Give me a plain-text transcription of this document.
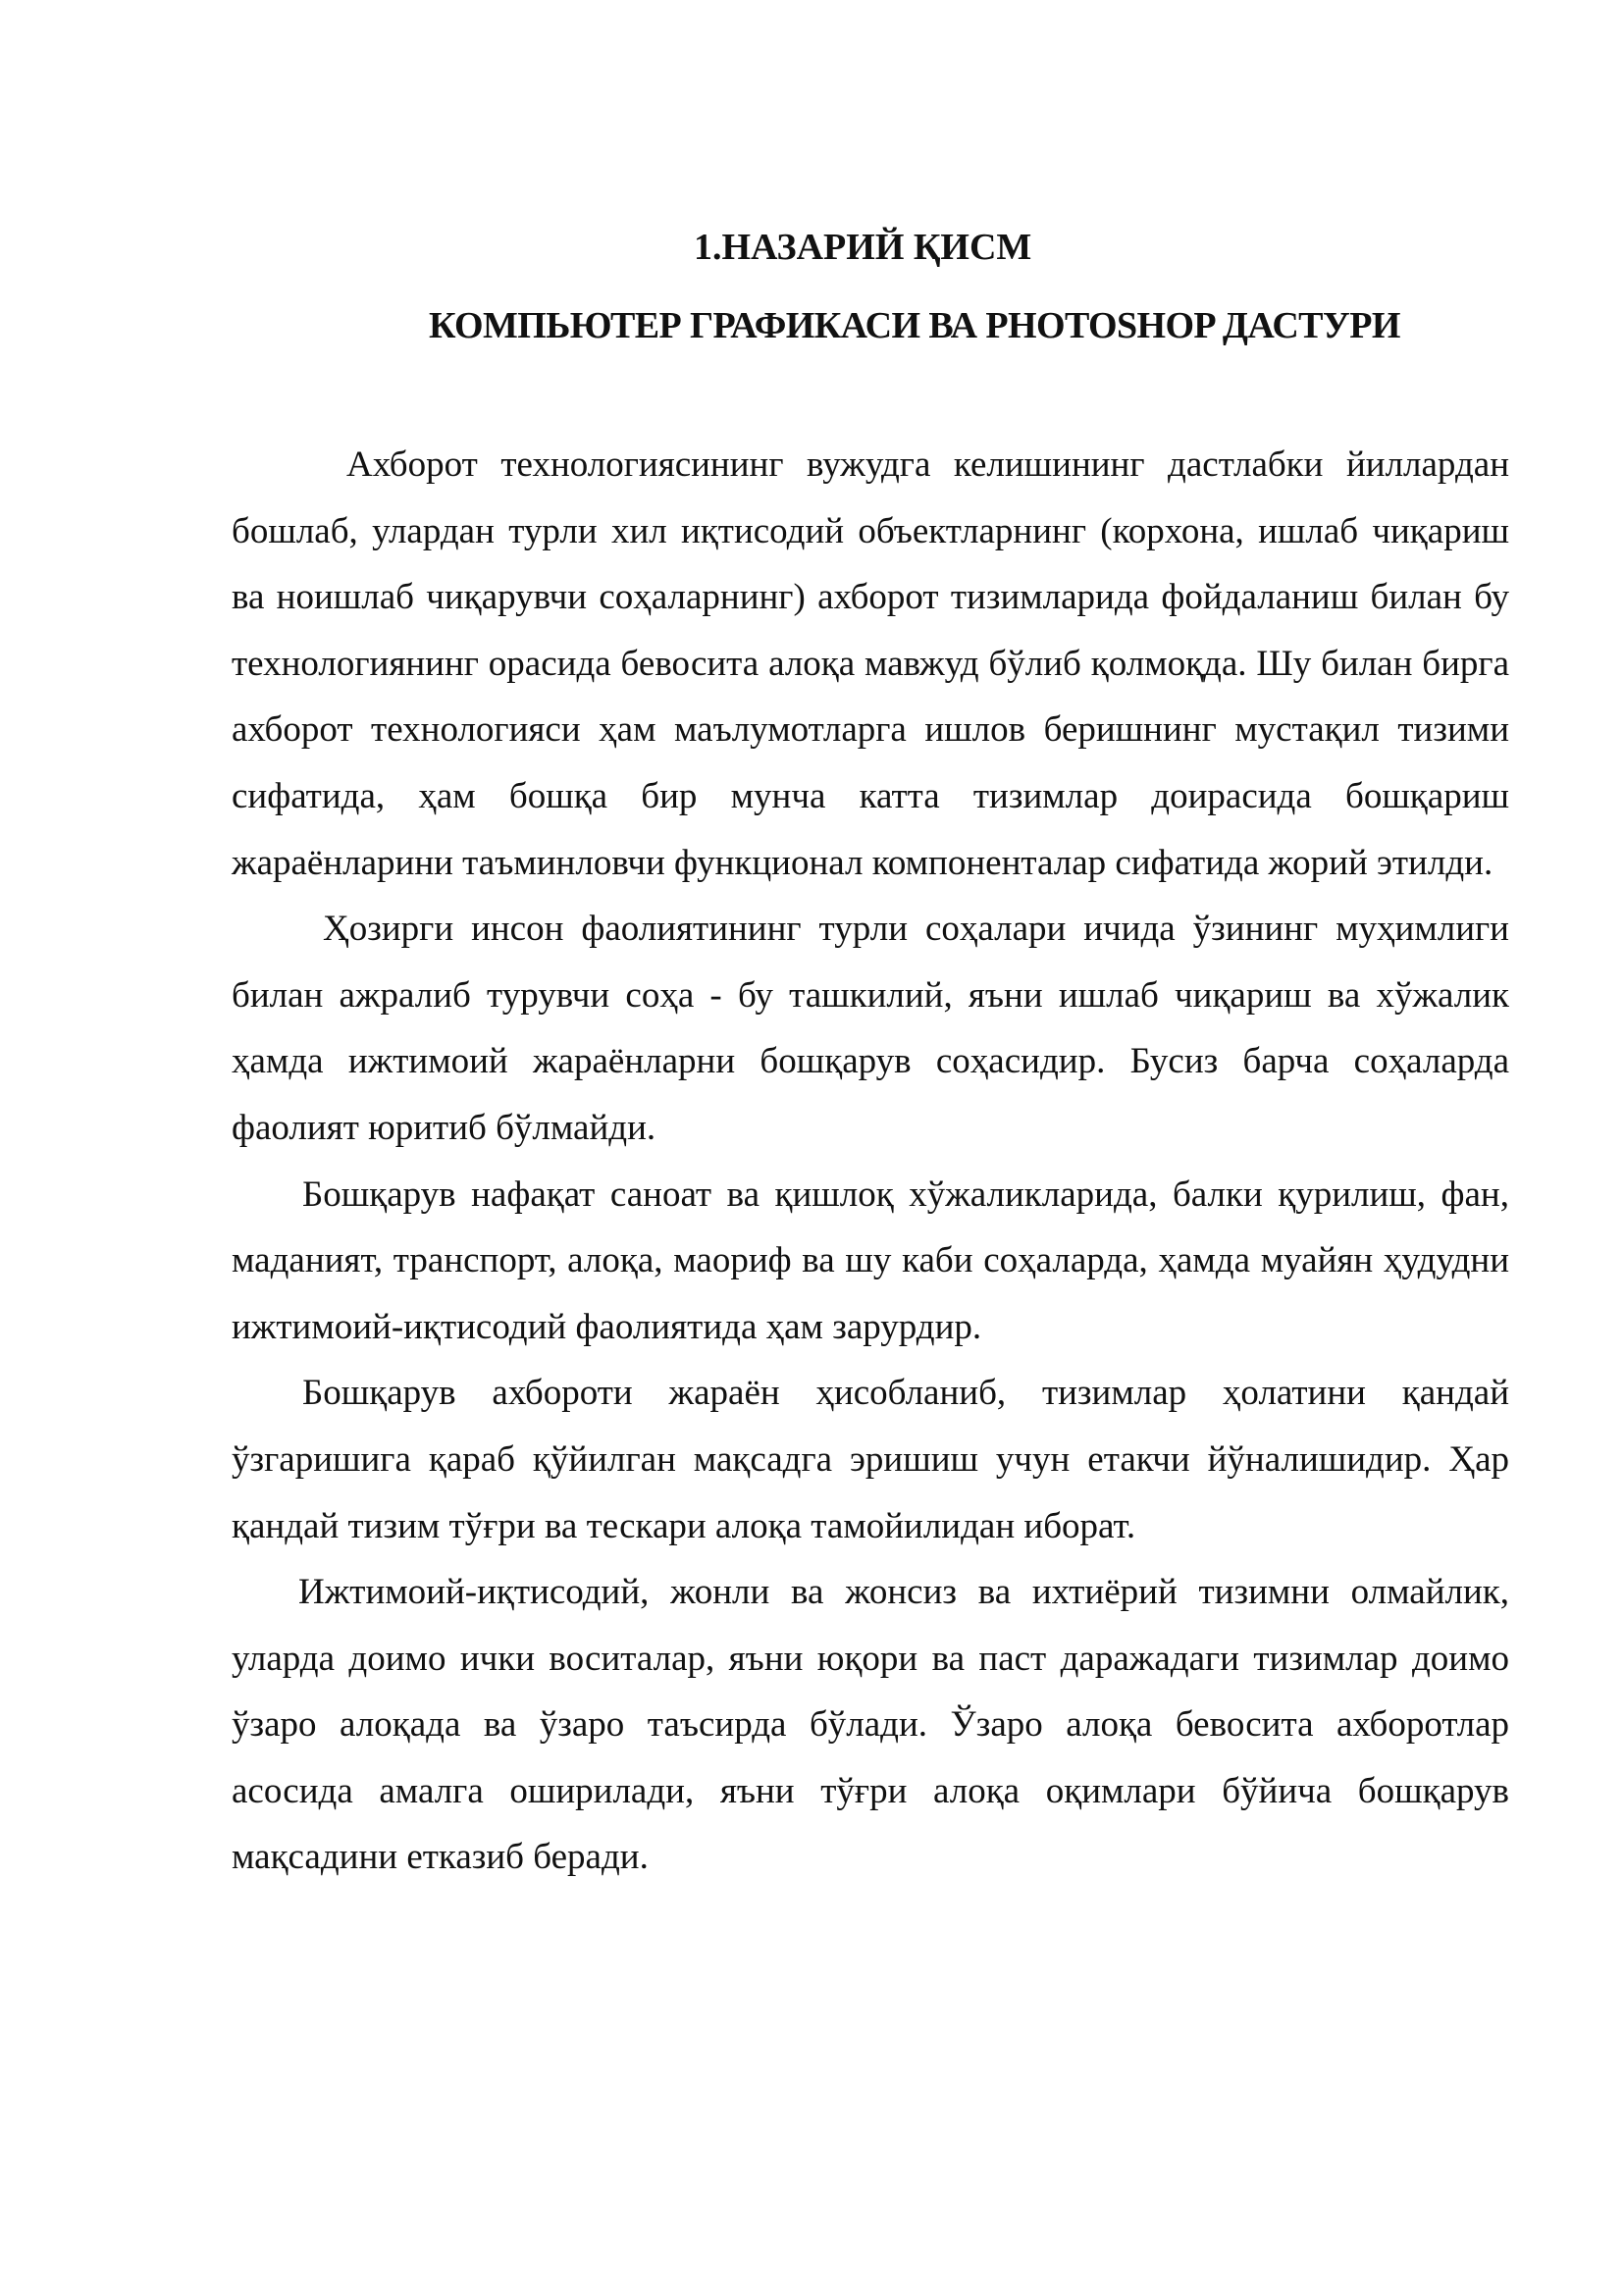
1.НАЗАРИЙ ҚИСМ
КОМПЬЮТЕР ГРАФИКАСИ ВА PHOTOSHOP ДАСТУРИ

Ахборот технологиясининг вужудга келишининг дастлабки йиллардан бошлаб, улардан турли хил иқтисодий объектларнинг (корхона, ишлаб чиқариш ва ноишлаб чиқарувчи соҳаларнинг) ахборот тизимларида фойдаланиш билан бу технологиянинг орасида бевосита алоқа мавжуд бўлиб қолмоқда. Шу билан бирга ахборот технологияси ҳам маълумотларга ишлов беришнинг мустақил тизими сифатида, ҳам бошқа бир мунча катта тизимлар доирасида бошқариш жараёнларини таъминловчи функционал компоненталар сифатида жорий этилди.

Ҳозирги инсон фаолиятининг турли соҳалари ичида ўзининг муҳимлиги билан ажралиб турувчи соҳа - бу ташкилий, яъни ишлаб чиқариш ва хўжалик ҳамда ижтимоий жараёнларни бошқарув соҳасидир. Бусиз барча соҳаларда фаолият юритиб бўлмайди.

Бошқарув нафақат саноат ва қишлоқ хўжаликларида, балки қурилиш, фан, маданият, транспорт, алоқа, маориф ва шу каби соҳаларда, ҳамда муайян ҳудудни ижтимоий-иқтисодий фаолиятида ҳам зарурдир.

Бошқарув ахбороти жараён ҳисобланиб, тизимлар ҳолатини қандай ўзгаришига қараб қўйилган мақсадга эришиш учун етакчи йўналишидир. Ҳар қандай тизим тўғри ва тескари алоқа тамойилидан иборат.

Ижтимоий-иқтисодий, жонли ва жонсиз ва ихтиёрий тизимни олмайлик, уларда доимо ички воситалар, яъни юқори ва паст даражадаги тизимлар доимо ўзаро алоқада ва ўзаро таъсирда бўлади. Ўзаро алоқа бевосита ахборотлар асосида амалга оширилади, яъни тўғри алоқа оқимлари бўйича бошқарув мақсадини етказиб беради.
